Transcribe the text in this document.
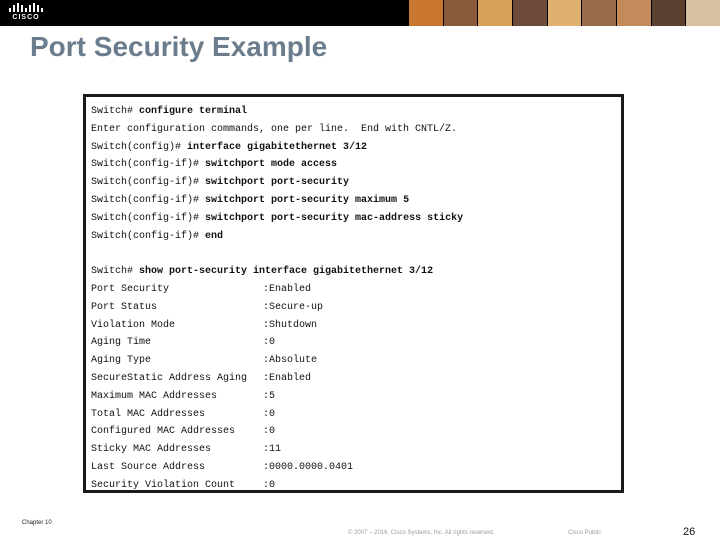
CISCO
Port Security Example
Switch# configure terminal
Enter configuration commands, one per line.  End with CNTL/Z.
Switch(config)# interface gigabitethernet 3/12
Switch(config-if)# switchport mode access
Switch(config-if)# switchport port-security
Switch(config-if)# switchport port-security maximum 5
Switch(config-if)# switchport port-security mac-address sticky
Switch(config-if)# end
Switch# show port-security interface gigabitethernet 3/12
Port Security	:Enabled
Port Status	:Secure-up
Violation Mode	:Shutdown
Aging Time	:0
Aging Type	:Absolute
SecureStatic Address Aging	:Enabled
Maximum MAC Addresses	:5
Total MAC Addresses	:0
Configured MAC Addresses	:0
Sticky MAC Addresses	:11
Last Source Address	:0000.0000.0401
Security Violation Count	:0
Chapter 10
© 2007 – 2016, Cisco Systems, Inc. All rights reserved.	Cisco Public	26
